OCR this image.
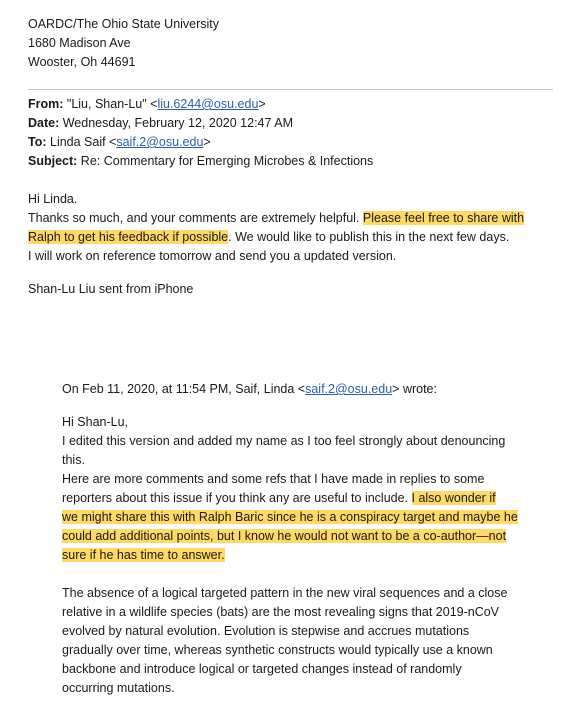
OARDC/The Ohio State University
1680 Madison Ave
Wooster, Oh 44691
From: "Liu, Shan-Lu" <liu.6244@osu.edu>
Date: Wednesday, February 12, 2020 12:47 AM
To: Linda Saif <saif.2@osu.edu>
Subject: Re: Commentary for Emerging Microbes & Infections
Hi Linda.
Thanks so much, and your comments are extremely helpful. Please feel free to share with
Ralph to get his feedback if possible. We would like to publish this in the next few days.
I will work on reference tomorrow and send you a updated version.
Shan-Lu Liu sent from iPhone
On Feb 11, 2020, at 11:54 PM, Saif, Linda <saif.2@osu.edu> wrote:
Hi Shan-Lu,
I edited this version and added my name as I too feel strongly about denouncing
this.
Here are more comments and some refs that I have made in replies to some
reporters about this issue if you think any are useful to include. I also wonder if
we might share this with Ralph Baric since he is a conspiracy target and maybe he
could add additional points, but I know he would not want to be a co-author—not
sure if he has time to answer.
The absence of a logical targeted pattern in the new viral sequences and a close
relative in a wildlife species (bats) are the most revealing signs that 2019-nCoV
evolved by natural evolution. Evolution is stepwise and accrues mutations
gradually over time, whereas synthetic constructs would typically use a known
backbone and introduce logical or targeted changes instead of randomly
occurring mutations.
